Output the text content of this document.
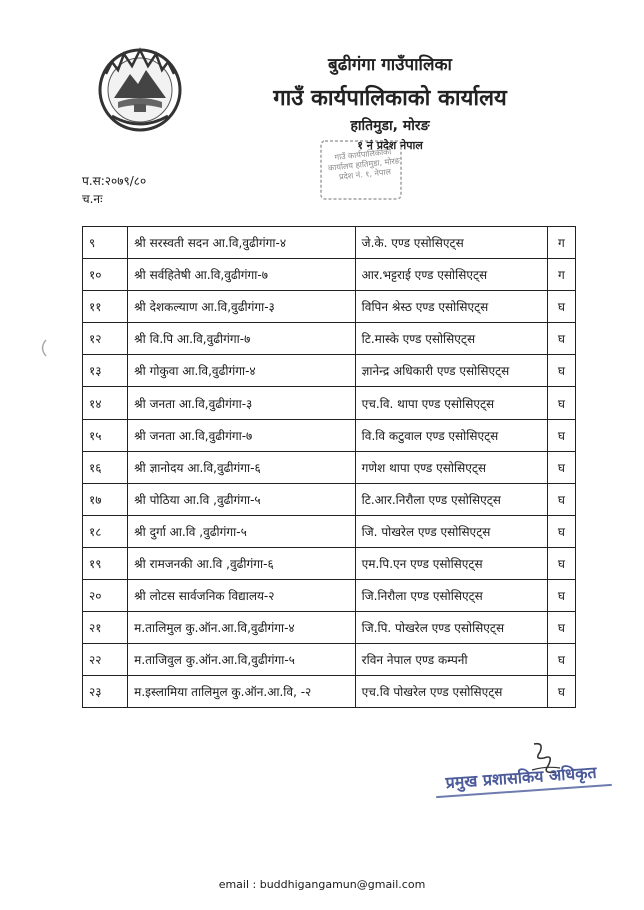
बुढीगंगा गाउँपालिका
गाउँ कार्यपालिकाको कार्यालय
हातिमुडा, मोरङ
१ नं प्रदेश नेपाल
गाउँ कार्यपालिकाको कार्यालय हातिमुडा, मोरङ प्रदेश नं. १, नेपाल
प.स:२०७९/८०
च.नः
९	श्री सरस्वती सदन आ.वि,वुढीगंगा-४	जे.के. एण्ड एसोसिएट्स	ग
१०	श्री सर्वहितेषी आ.वि,वुढीगंगा-७	आर.भट्टराई एण्ड एसोसिएट्स	ग
११	श्री देशकल्याण आ.वि,वुढीगंगा-३	विपिन श्रेस्ठ एण्ड एसोसिएट्स	घ
१२	श्री वि.पि आ.वि,वुढीगंगा-७	टि.मास्के एण्ड एसोसिएट्स	घ
१३	श्री गोकुवा आ.वि,वुढीगंगा-४	ज्ञानेन्द्र अधिकारी एण्ड एसोसिएट्स	घ
१४	श्री जनता आ.वि,वुढीगंगा-३	एच.वि. थापा एण्ड एसोसिएट्स	घ
१५	श्री जनता आ.वि,वुढीगंगा-७	वि.वि कटुवाल एण्ड एसोसिएट्स	घ
१६	श्री ज्ञानोदय आ.वि,वुढीगंगा-६	गणेश थापा एण्ड एसोसिएट्स	घ
१७	श्री पोठिया आ.वि ,वुढीगंगा-५	टि.आर.निरौला एण्ड एसोसिएट्स	घ
१८	श्री दुर्गा आ.वि ,वुढीगंगा-५	जि. पोखरेल एण्ड एसोसिएट्स	घ
१९	श्री रामजनकी आ.वि ,वुढीगंगा-६	एम.पि.एन एण्ड एसोसिएट्स	घ
२०	श्री लोटस सार्वजनिक विद्यालय-२	जि.निरौला एण्ड एसोसिएट्स	घ
२१	म.तालिमुल कु.ऑन.आ.वि,वुढीगंगा-४	जि.पि. पोखरेल एण्ड एसोसिएट्स	घ
२२	म.ताजिवुल कु.ऑन.आ.वि,वुढीगंगा-५	रविन नेपाल एण्ड कम्पनी	घ
२३	म.इस्लामिया तालिमुल कु.ऑन.आ.वि, -२	एच.वि पोखरेल एण्ड एसोसिएट्स	घ
प्रमुख प्रशासकिय अधिकृत
email : buddhigangamun@gmail.com
